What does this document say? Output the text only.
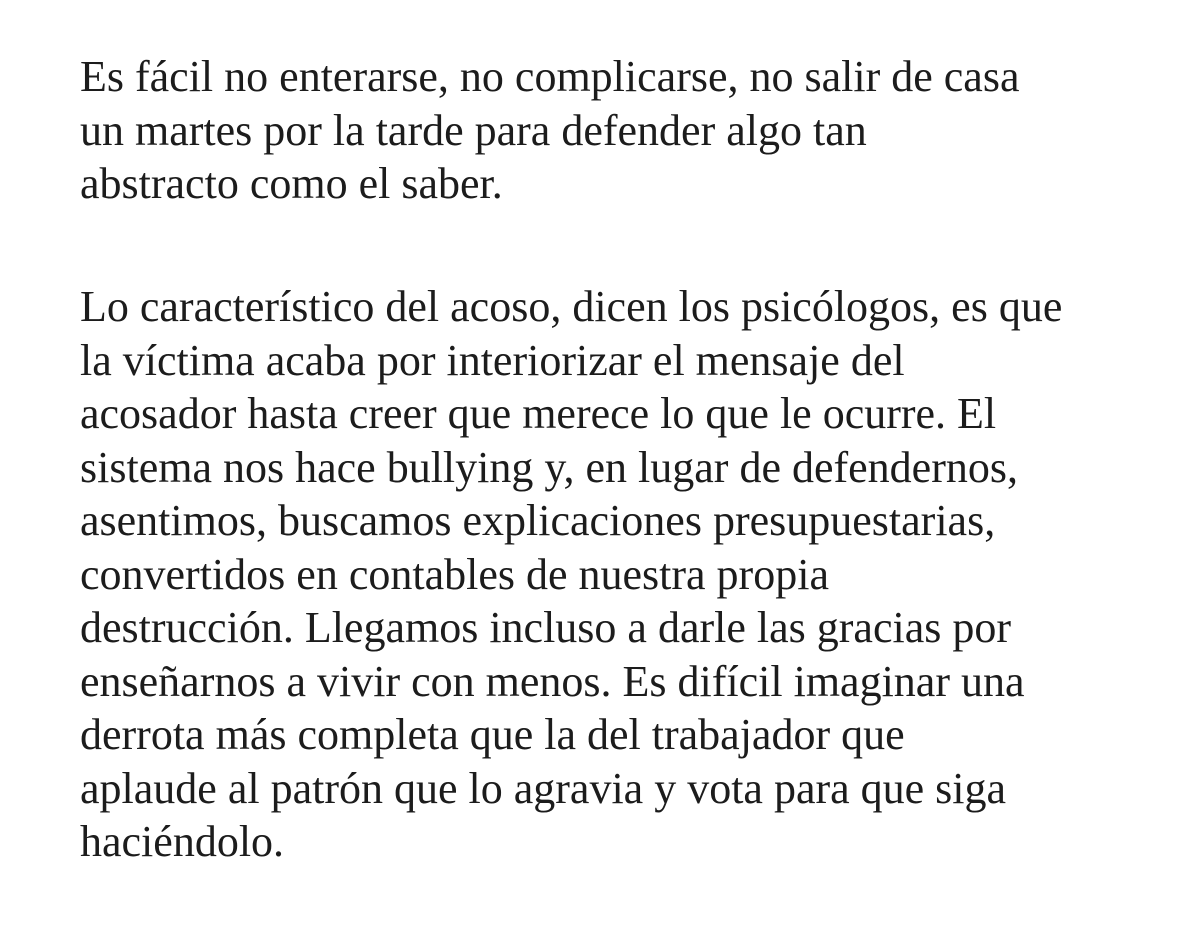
Es fácil no enterarse, no complicarse, no salir de casa
un martes por la tarde para defender algo tan
abstracto como el saber.

Lo característico del acoso, dicen los psicólogos, es que
la víctima acaba por interiorizar el mensaje del
acosador hasta creer que merece lo que le ocurre. El
sistema nos hace bullying y, en lugar de defendernos,
asentimos, buscamos explicaciones presupuestarias,
convertidos en contables de nuestra propia
destrucción. Llegamos incluso a darle las gracias por
enseñarnos a vivir con menos. Es difícil imaginar una
derrota más completa que la del trabajador que
aplaude al patrón que lo agravia y vota para que siga
haciéndolo.
